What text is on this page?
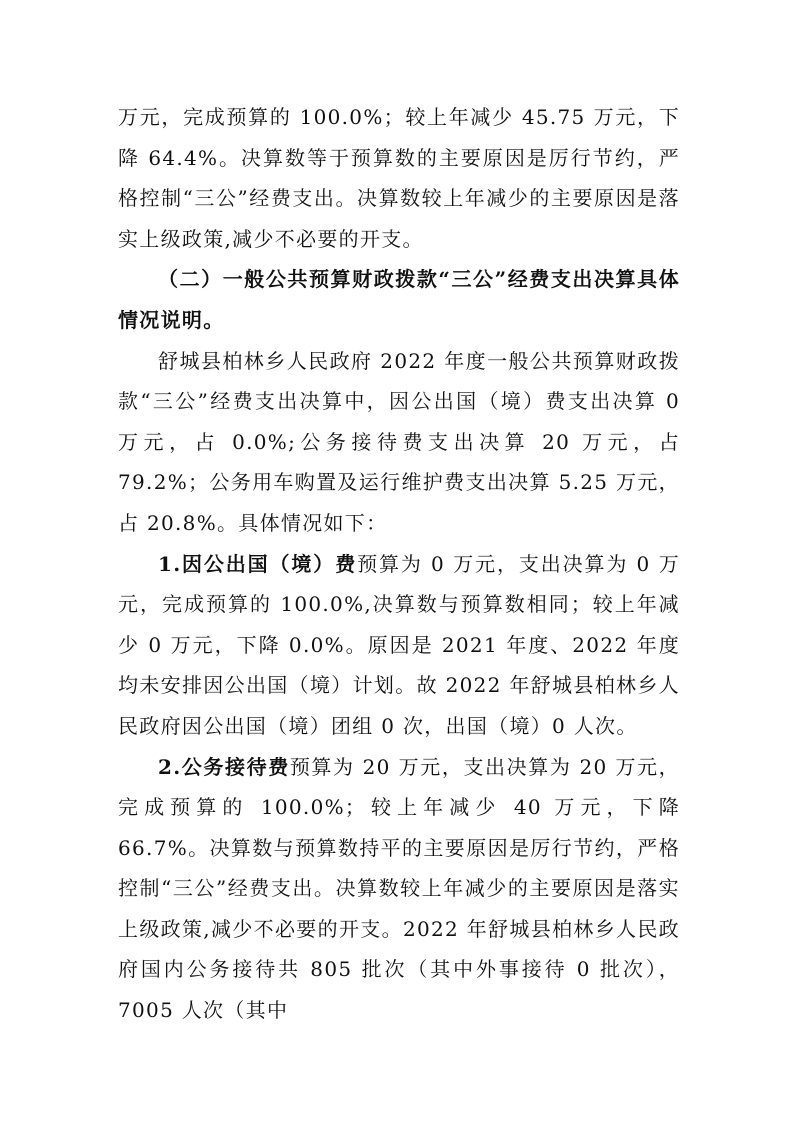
万元，完成预算的 100.0%；较上年减少 45.75 万元，下降 64.4%。决算数等于预算数的主要原因是厉行节约，严格控制“三公”经费支出。决算数较上年减少的主要原因是落实上级政策,减少不必要的开支。

（二）一般公共预算财政拨款“三公”经费支出决算具体情况说明。

舒城县柏林乡人民政府 2022 年度一般公共预算财政拨款“三公”经费支出决算中，因公出国（境）费支出决算 0 万元，占 0.0%;公务接待费支出决算 20 万元，占 79.2%；公务用车购置及运行维护费支出决算 5.25 万元，占 20.8%。具体情况如下：

1.因公出国（境）费预算为 0 万元，支出决算为 0 万元，完成预算的 100.0%,决算数与预算数相同；较上年减少 0 万元，下降 0.0%。原因是 2021 年度、2022 年度均未安排因公出国（境）计划。故 2022 年舒城县柏林乡人民政府因公出国（境）团组 0 次，出国（境）0 人次。

2.公务接待费预算为 20 万元，支出决算为 20 万元，完成预算的 100.0%；较上年减少 40 万元，下降 66.7%。决算数与预算数持平的主要原因是厉行节约，严格控制“三公”经费支出。决算数较上年减少的主要原因是落实上级政策,减少不必要的开支。2022 年舒城县柏林乡人民政府国内公务接待共 805 批次（其中外事接待 0 批次），7005 人次（其中
